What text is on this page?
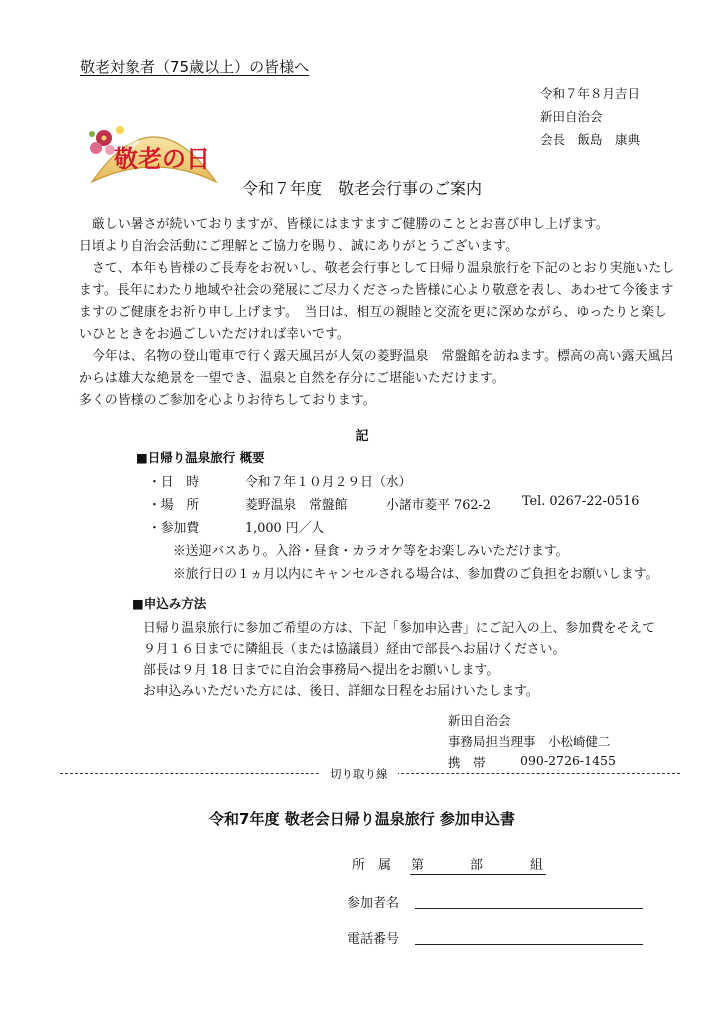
敬老対象者（75歳以上）の皆様へ
令和７年８月吉日
新田自治会
会長　飯島　康典
敬老の日
令和７年度　敬老会行事のご案内
　厳しい暑さが続いておりますが、皆様にはますますご健勝のこととお喜び申し上げます。
日頃より自治会活動にご理解とご協力を賜り、誠にありがとうございます。
　さて、本年も皆様のご長寿をお祝いし、敬老会行事として日帰り温泉旅行を下記のとおり実施いたし
ます。長年にわたり地域や社会の発展にご尽力くださった皆様に心より敬意を表し、あわせて今後ます
ますのご健康をお祈り申し上げます。　当日は、相互の親睦と交流を更に深めながら、ゆったりと楽し
いひとときをお過ごしいただければ幸いです。
　今年は、名物の登山電車で行く露天風呂が人気の菱野温泉　常盤館を訪ねます。標高の高い露天風呂
からは雄大な絶景を一望でき、温泉と自然を存分にご堪能いただけます。
多くの皆様のご参加を心よりお待ちしております。
記
■日帰り温泉旅行 概要
・日　時	令和７年１０月２９日（水）
・場　所	菱野温泉　常盤館	小諸市菱平 762-2 Tel. 0267-22-0516
・参加費	1,000 円／人
※送迎バスあり。入浴・昼食・カラオケ等をお楽しみいただけます。
※旅行日の１ヵ月以内にキャンセルされる場合は、参加費のご負担をお願いします。
■申込み方法
日帰り温泉旅行に参加ご希望の方は、下記「参加申込書」にご記入の上、参加費をそえて
９月１６日までに隣組長（または協議員）経由で部長へお届けください。
部長は９月 18 日までに自治会事務局へ提出をお願いします。
お申込みいただいた方には、後日、詳細な日程をお届けいたします。
新田自治会
事務局担当理事　小松崎健二
携　帯	090-2726-1455
切り取り線
令和7年度 敬老会日帰り温泉旅行 参加申込書
所　属 第	部	組
参加者名
電話番号
